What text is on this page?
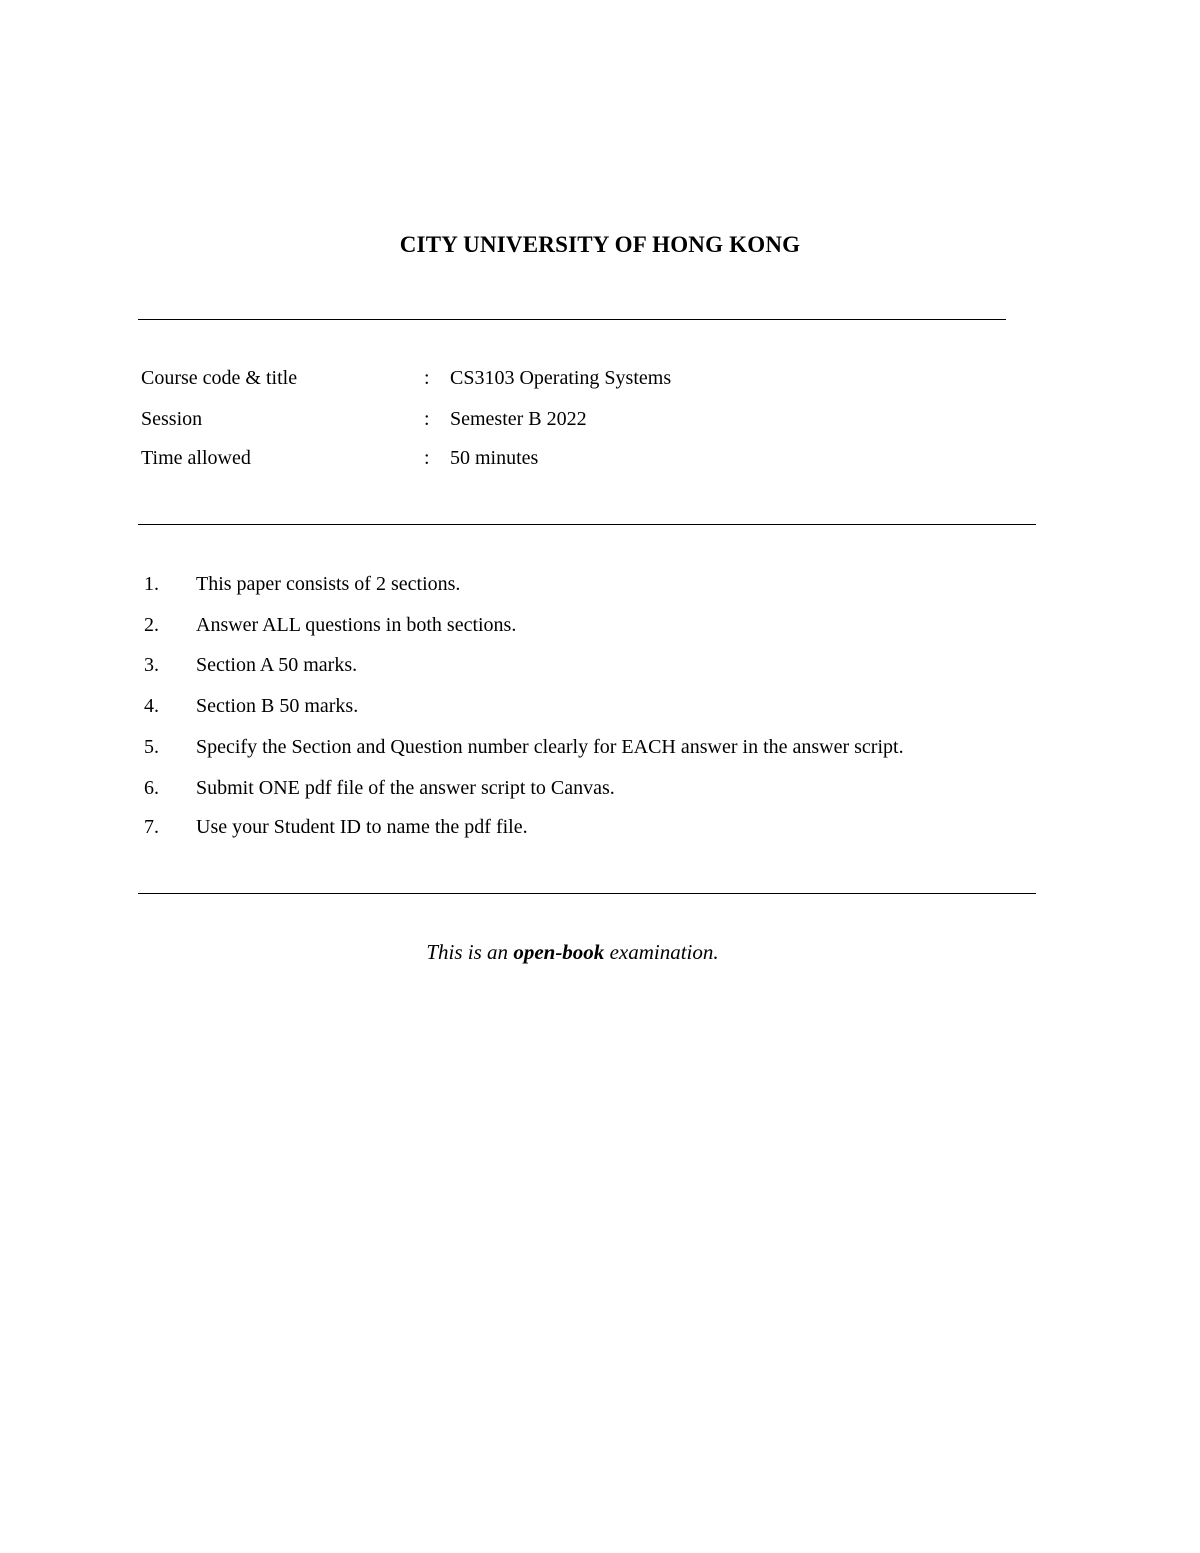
CITY UNIVERSITY OF HONG KONG
Course code & title	: CS3103 Operating Systems
Session	: Semester B 2022
Time allowed	: 50 minutes
1. This paper consists of 2 sections.
2. Answer ALL questions in both sections.
3. Section A 50 marks.
4. Section B 50 marks.
5. Specify the Section and Question number clearly for EACH answer in the answer script.
6. Submit ONE pdf file of the answer script to Canvas.
7. Use your Student ID to name the pdf file.
This is an open-book examination.
